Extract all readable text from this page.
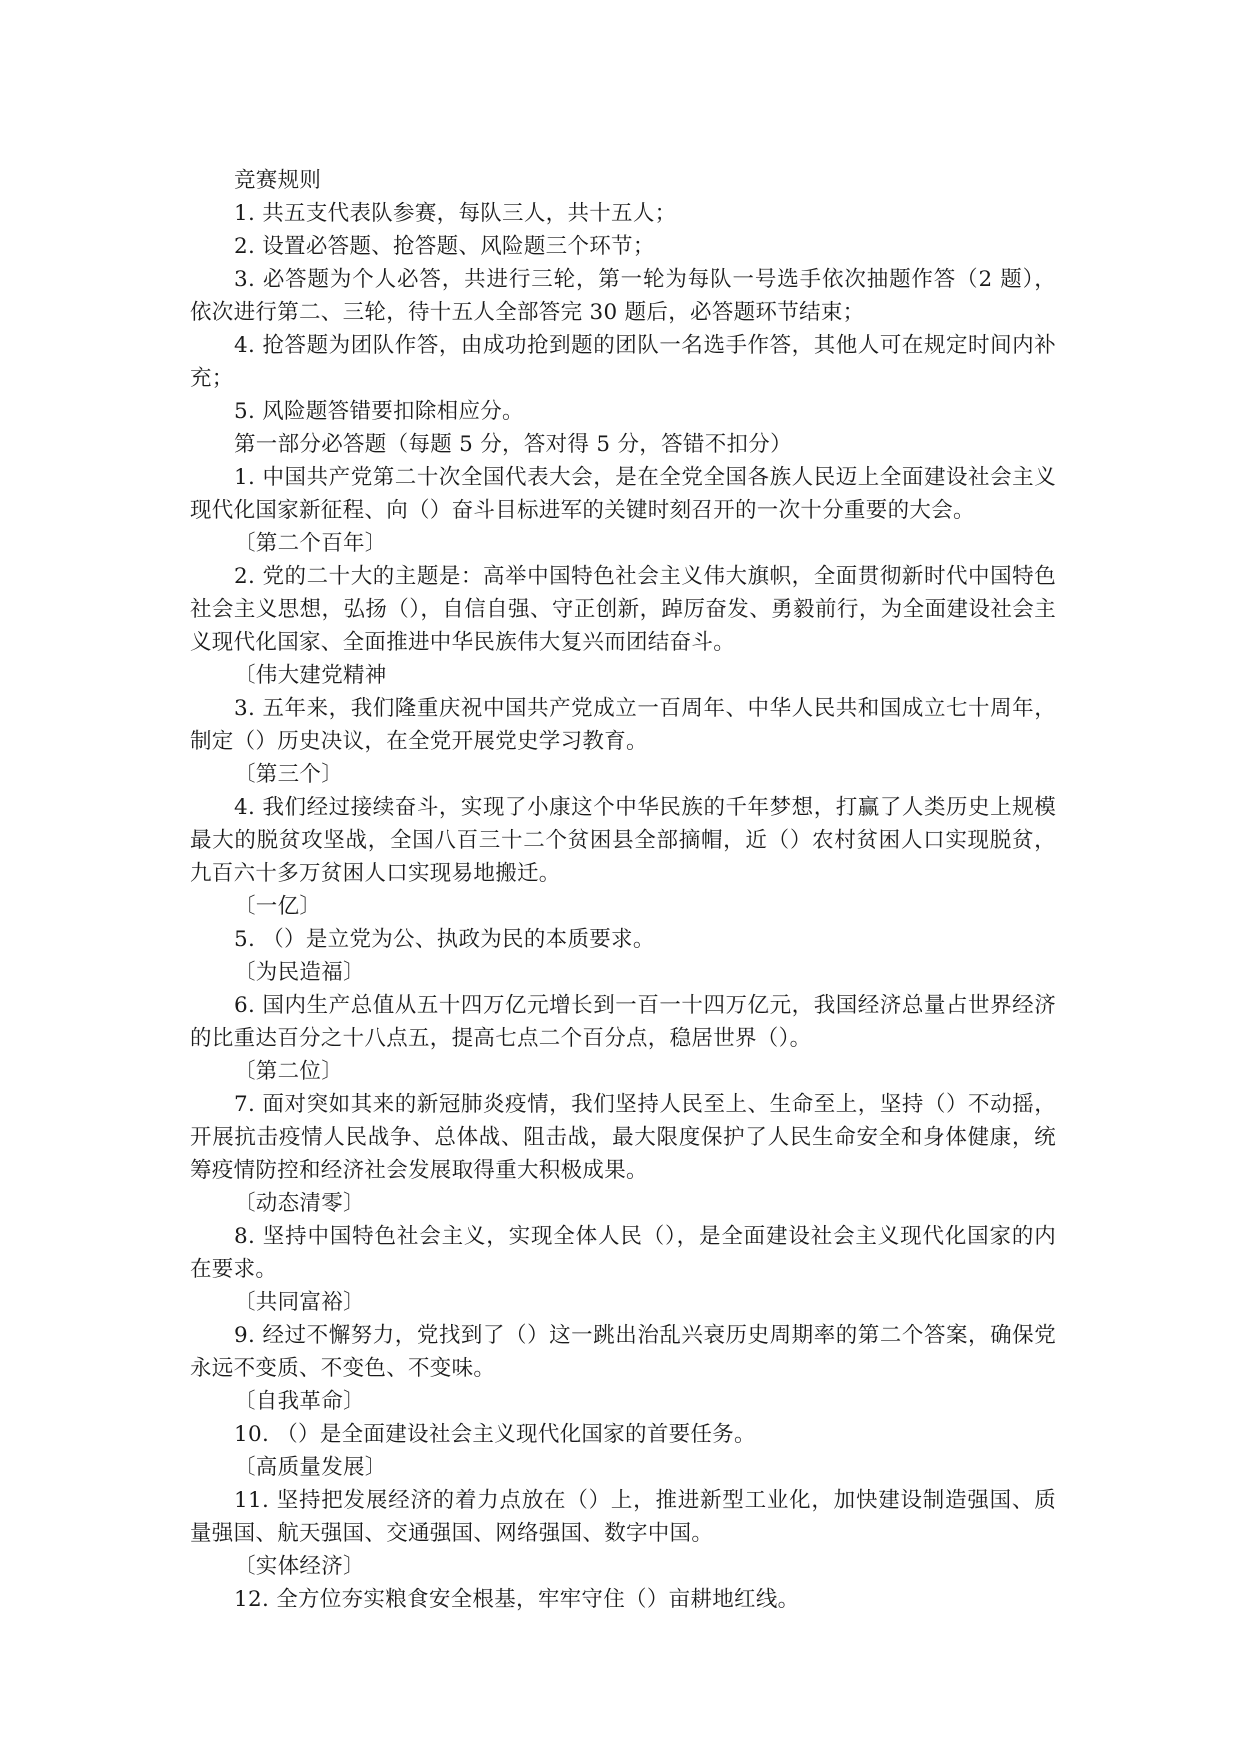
竞赛规则

1. 共五支代表队参赛，每队三人，共十五人；

2. 设置必答题、抢答题、风险题三个环节；

3. 必答题为个人必答，共进行三轮，第一轮为每队一号选手依次抽题作答（2 题），依次进行第二、三轮，待十五人全部答完 30 题后，必答题环节结束；

4. 抢答题为团队作答，由成功抢到题的团队一名选手作答，其他人可在规定时间内补充；

5. 风险题答错要扣除相应分。

第一部分必答题（每题 5 分，答对得 5 分，答错不扣分）

1. 中国共产党第二十次全国代表大会，是在全党全国各族人民迈上全面建设社会主义现代化国家新征程、向（）奋斗目标进军的关键时刻召开的一次十分重要的大会。

〔第二个百年〕

2. 党的二十大的主题是：高举中国特色社会主义伟大旗帜，全面贯彻新时代中国特色社会主义思想，弘扬（），自信自强、守正创新，踔厉奋发、勇毅前行，为全面建设社会主义现代化国家、全面推进中华民族伟大复兴而团结奋斗。

〔伟大建党精神

3. 五年来，我们隆重庆祝中国共产党成立一百周年、中华人民共和国成立七十周年，制定（）历史决议，在全党开展党史学习教育。

〔第三个〕

4. 我们经过接续奋斗，实现了小康这个中华民族的千年梦想，打赢了人类历史上规模最大的脱贫攻坚战，全国八百三十二个贫困县全部摘帽，近（）农村贫困人口实现脱贫，九百六十多万贫困人口实现易地搬迁。

〔一亿〕

5. （）是立党为公、执政为民的本质要求。

〔为民造福〕

6. 国内生产总值从五十四万亿元增长到一百一十四万亿元，我国经济总量占世界经济的比重达百分之十八点五，提高七点二个百分点，稳居世界（）。

〔第二位〕

7. 面对突如其来的新冠肺炎疫情，我们坚持人民至上、生命至上，坚持（）不动摇，开展抗击疫情人民战争、总体战、阻击战，最大限度保护了人民生命安全和身体健康，统筹疫情防控和经济社会发展取得重大积极成果。

〔动态清零〕

8. 坚持中国特色社会主义，实现全体人民（），是全面建设社会主义现代化国家的内在要求。

〔共同富裕〕

9. 经过不懈努力，党找到了（）这一跳出治乱兴衰历史周期率的第二个答案，确保党永远不变质、不变色、不变味。

〔自我革命〕

10. （）是全面建设社会主义现代化国家的首要任务。

〔高质量发展〕

11. 坚持把发展经济的着力点放在（）上，推进新型工业化，加快建设制造强国、质量强国、航天强国、交通强国、网络强国、数字中国。

〔实体经济〕

12. 全方位夯实粮食安全根基，牢牢守住（）亩耕地红线。
